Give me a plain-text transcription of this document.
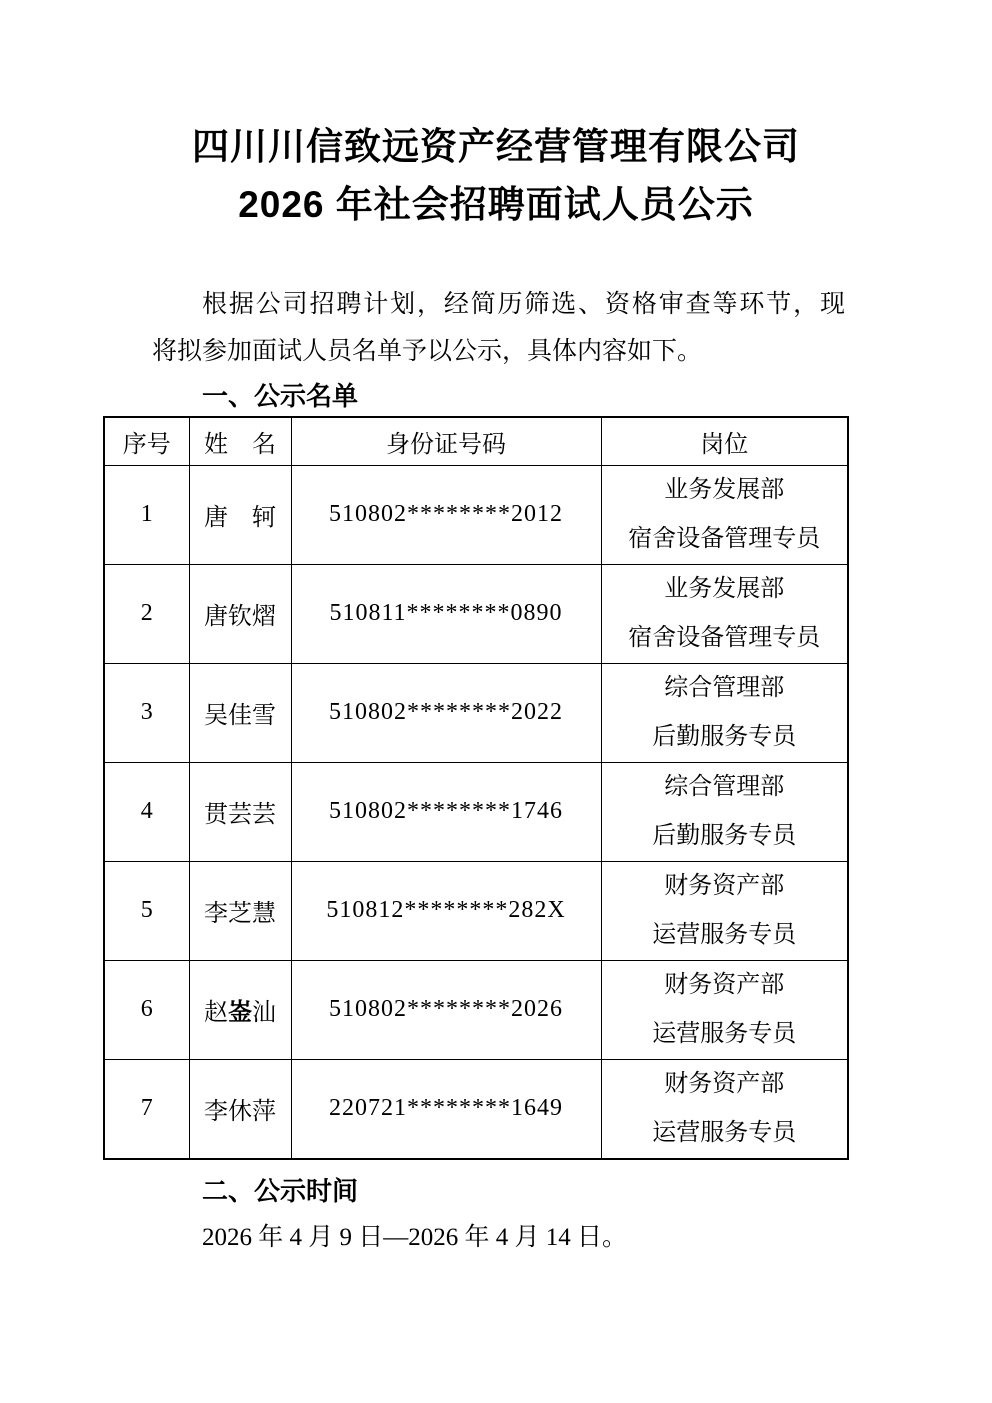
四川川信致远资产经营管理有限公司
2026 年社会招聘面试人员公示
根据公司招聘计划，经简历筛选、资格审查等环节，现
将拟参加面试人员名单予以公示，具体内容如下。
一、公示名单
序号	姓　名	身份证号码	岗位
1	唐　轲	510802********2012	业务发展部
宿舍设备管理专员

2	唐钦熠	510811********0890	业务发展部
宿舍设备管理专员

3	吴佳雪	510802********2022	综合管理部
后勤服务专员

4	贯芸芸	510802********1746	综合管理部
后勤服务专员

5	李芝慧	510812********282X	财务资产部
运营服务专员

6	赵崟汕	510802********2026	财务资产部
运营服务专员

7	李休萍	220721********1649	财务资产部
运营服务专员
二、公示时间
2026 年 4 月 9 日—2026 年 4 月 14 日。
